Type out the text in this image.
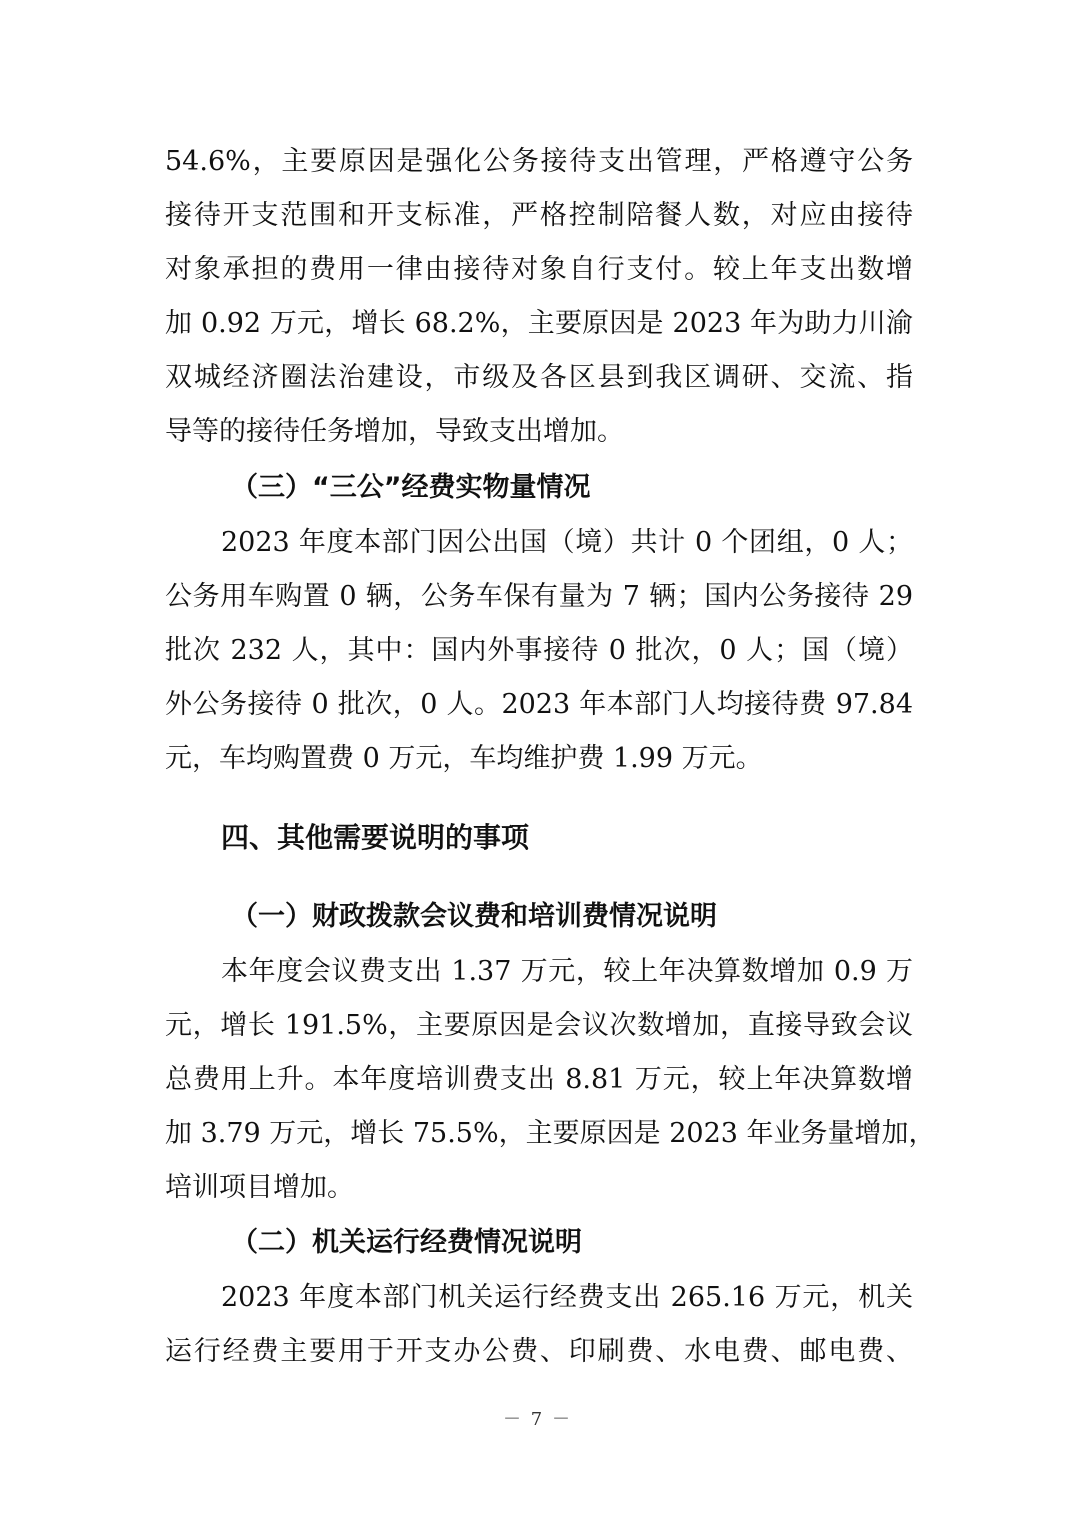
54.6%，主要原因是强化公务接待支出管理，严格遵守公务
接待开支范围和开支标准，严格控制陪餐人数，对应由接待
对象承担的费用一律由接待对象自行支付。较上年支出数增
加 0.92 万元，增长 68.2%，主要原因是 2023 年为助力川渝
双城经济圈法治建设，市级及各区县到我区调研、交流、指
导等的接待任务增加，导致支出增加。
（三）“三公”经费实物量情况
2023 年度本部门因公出国（境）共计 0 个团组，0 人；
公务用车购置 0 辆，公务车保有量为 7 辆；国内公务接待 29
批次 232 人，其中：国内外事接待 0 批次，0 人；国（境）
外公务接待 0 批次，0 人。2023 年本部门人均接待费 97.84
元，车均购置费 0 万元，车均维护费 1.99 万元。
四、其他需要说明的事项
（一）财政拨款会议费和培训费情况说明
本年度会议费支出 1.37 万元，较上年决算数增加 0.9 万
元，增长 191.5%，主要原因是会议次数增加，直接导致会议
总费用上升。本年度培训费支出 8.81 万元，较上年决算数增
加 3.79 万元，增长 75.5%，主要原因是 2023 年业务量增加，
培训项目增加。
（二）机关运行经费情况说明
2023 年度本部门机关运行经费支出 265.16 万元，机关
运行经费主要用于开支办公费、印刷费、水电费、邮电费、
－ 7 －
